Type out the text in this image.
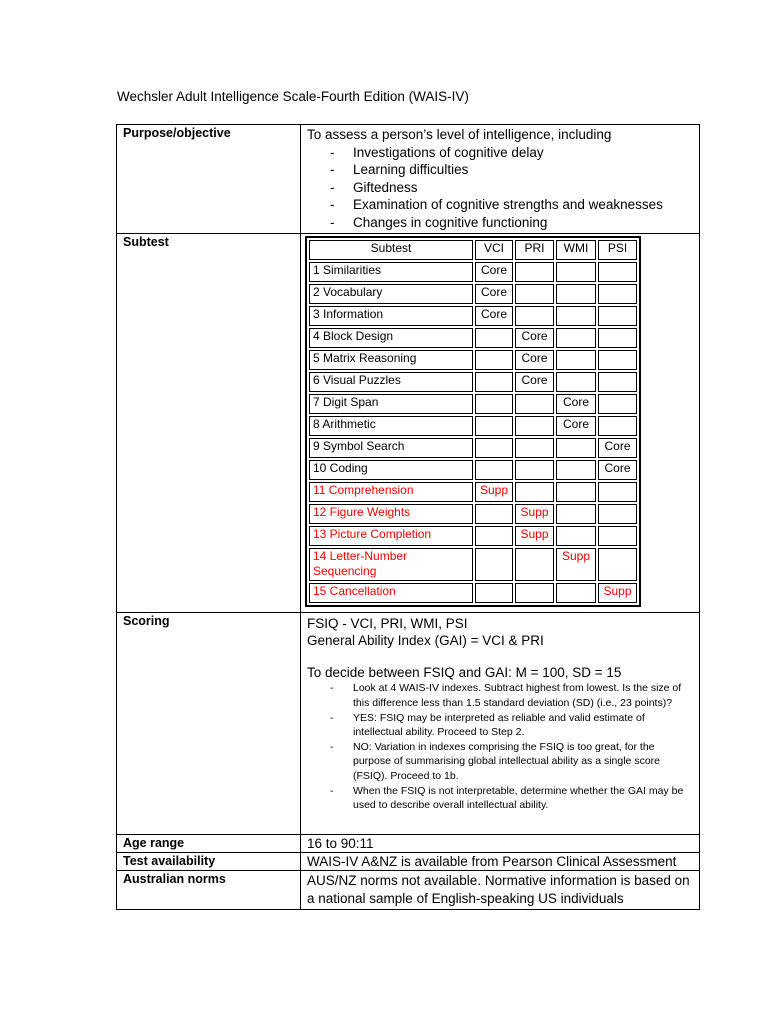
Wechsler Adult Intelligence Scale-Fourth Edition (WAIS-IV)
Purpose/objective	To assess a person’s level of intelligence, including
- Investigations of cognitive delay
- Learning difficulties
- Giftedness
- Examination of cognitive strengths and weaknesses
- Changes in cognitive functioning

Subtest		Subtest	VCI	PRI	WMI	PSI
1 Similarities	Core			
2 Vocabulary	Core			
3 Information	Core			
4 Block Design		Core		
5 Matrix Reasoning		Core		
6 Visual Puzzles		Core		
7 Digit Span			Core	
8 Arithmetic			Core	
9 Symbol Search				Core
10 Coding				Core
11 Comprehension	Supp			
12 Figure Weights		Supp		
13 Picture Completion		Supp		
14 Letter-Number Sequencing			Supp	
15 Cancellation				Supp

Scoring	FSIQ - VCI, PRI, WMI, PSI
General Ability Index (GAI) = VCI & PRI
To decide between FSIQ and GAI: M = 100, SD = 15
- Look at 4 WAIS-IV indexes. Subtract highest from lowest. Is the size of this difference less than 1.5 standard deviation (SD) (i.e., 23 points)?
- YES: FSIQ may be interpreted as reliable and valid estimate of intellectual ability. Proceed to Step 2.
- NO: Variation in indexes comprising the FSIQ is too great, for the purpose of summarising global intellectual ability as a single score (FSIQ). Proceed to 1b.
- When the FSIQ is not interpretable, determine whether the GAI may be used to describe overall intellectual ability.

Age range	16 to 90:11
Test availability	WAIS-IV A&NZ is available from Pearson Clinical Assessment
Australian norms	AUS/NZ norms not available. Normative information is based on a national sample of English-speaking US individuals
